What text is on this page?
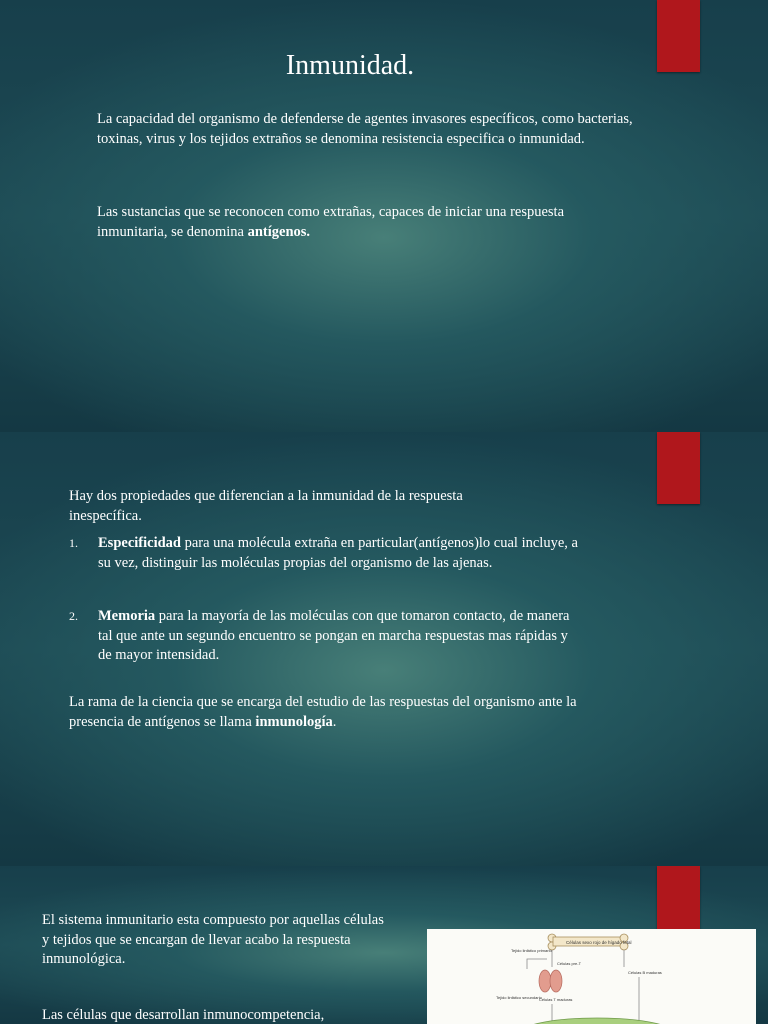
Inmunidad.

La capacidad del organismo de defenderse de agentes invasores específicos, como bacterias, toxinas, virus y los tejidos extraños se denomina resistencia especifica o inmunidad.

Las sustancias que se reconocen como extrañas, capaces de iniciar una respuesta inmunitaria, se denomina antígenos.

Hay dos propiedades que diferencian a la inmunidad de la respuesta inespecífica.

1. Especificidad para una molécula extraña en particular(antígenos)lo cual incluye, a su vez, distinguir las moléculas propias del organismo de las ajenas.
2. Memoria para la mayoría de las moléculas con que tomaron contacto, de manera tal que ante un segundo encuentro se pongan en marcha respuestas mas rápidas y de mayor intensidad.

La rama de la ciencia que se encarga del estudio de las respuestas del organismo ante la presencia de antígenos se llama inmunología.

El sistema inmunitario esta compuesto por aquellas células y tejidos que se encargan de llevar acabo la respuesta inmunológica.

Las células que desarrollan inmunocompetencia,

Células sexo rojo de hígado fetal
Tejido linfático primario
Tejido linfático secundario
Células pre-T
Células B maduras
Células T maduras
